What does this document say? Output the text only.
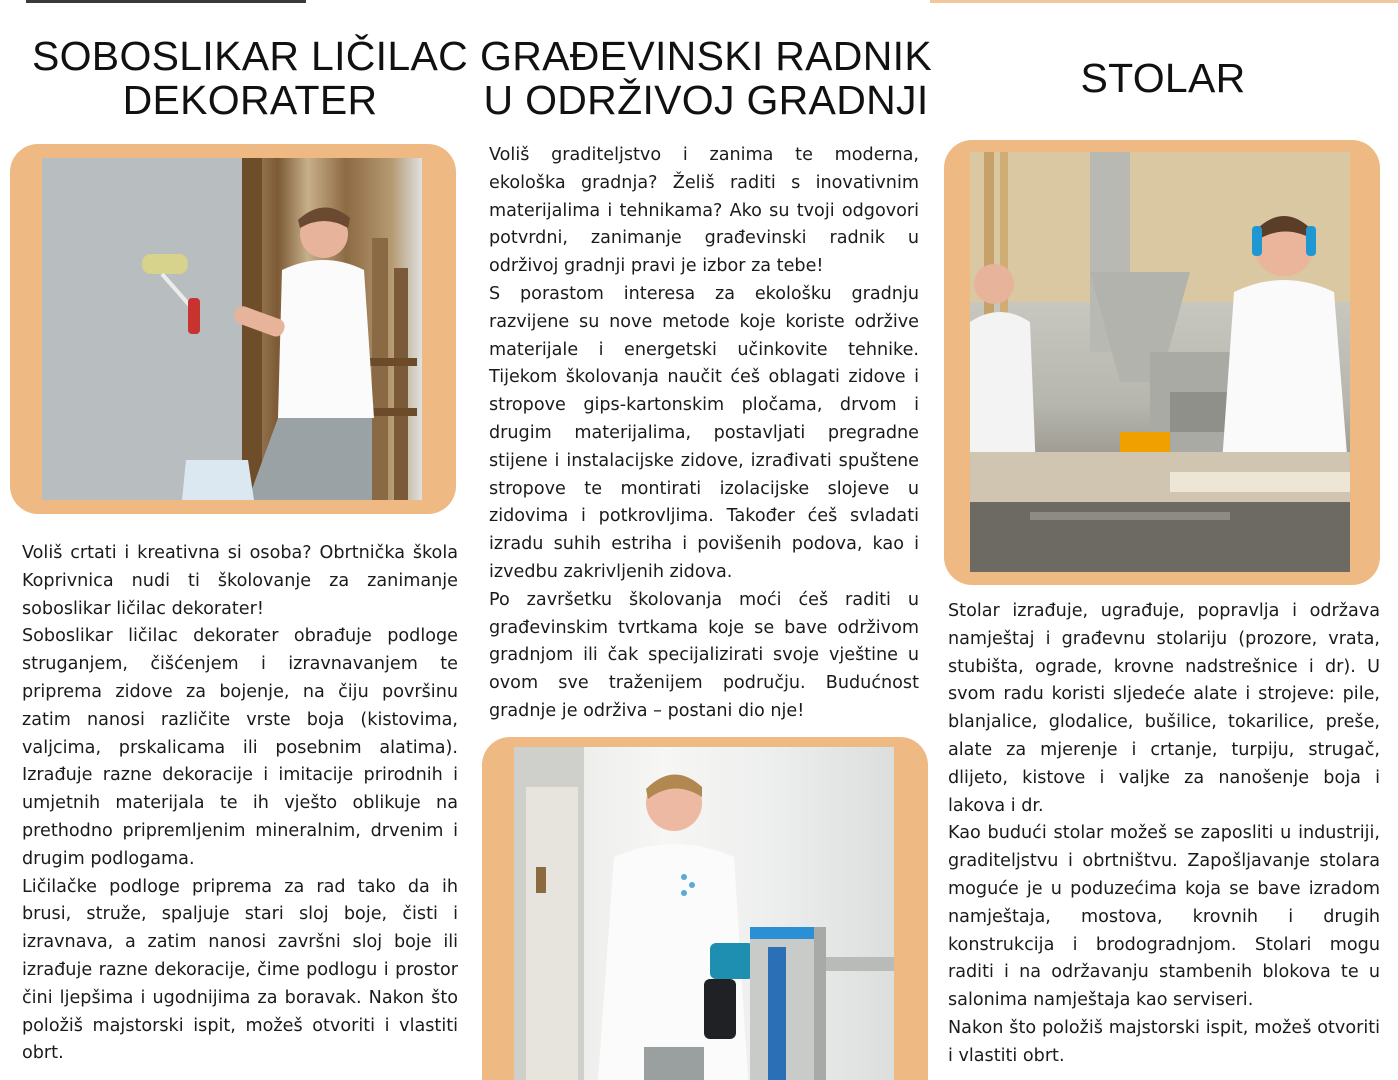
SOBOSLIKAR LIČILAC
DEKORATER

Voliš crtati i kreativna si osoba? Obrtnička škola Koprivnica nudi ti školovanje za zanimanje soboslikar ličilac dekorater!

Soboslikar ličilac dekorater obrađuje podloge struganjem, čišćenjem i izravnavanjem te priprema zidove za bojenje, na čiju površinu zatim nanosi različite vrste boja (kistovima, valjcima, prskalicama ili posebnim alatima). Izrađuje razne dekoracije i imitacije prirodnih i umjetnih materijala te ih vješto oblikuje na prethodno pripremljenim mineralnim, drvenim i drugim podlogama.

Ličilačke podloge priprema za rad tako da ih brusi, struže, spaljuje stari sloj boje, čisti i izravnava, a zatim nanosi završni sloj boje ili izrađuje razne dekoracije, čime podlogu i prostor čini ljepšima i ugodnijima za boravak. Nakon što položiš majstorski ispit, možeš otvoriti i vlastiti obrt.

GRAĐEVINSKI RADNIK
U ODRŽIVOJ GRADNJI

Voliš graditeljstvo i zanima te moderna, ekološka gradnja? Želiš raditi s inovativnim materijalima i tehnikama? Ako su tvoji odgovori potvrdni, zanimanje građevinski radnik u održivoj gradnji pravi je izbor za tebe!

S porastom interesa za ekološku gradnju razvijene su nove metode koje koriste održive materijale i energetski učinkovite tehnike. Tijekom školovanja naučit ćeš oblagati zidove i stropove gips-kartonskim pločama, drvom i drugim materijalima, postavljati pregradne stijene i instalacijske zidove, izrađivati spuštene stropove te montirati izolacijske slojeve u zidovima i potkrovljima. Također ćeš svladati izradu suhih estriha i povišenih podova, kao i izvedbu zakrivljenih zidova.

Po završetku školovanja moći ćeš raditi u građevinskim tvrtkama koje se bave održivom gradnjom ili čak specijalizirati svoje vještine u ovom sve traženijem području. Budućnost gradnje je održiva – postani dio nje!

STOLAR

Stolar izrađuje, ugrađuje, popravlja i održava namještaj i građevnu stolariju (prozore, vrata, stubišta, ograde, krovne nadstrešnice i dr). U svom radu koristi sljedeće alate i strojeve: pile, blanjalice, glodalice, bušilice, tokarilice, preše, alate za mjerenje i crtanje, turpiju, strugač, dlijeto, kistove i valjke za nanošenje boja i lakova i dr.

Kao budući stolar možeš se zaposliti u industriji, graditeljstvu i obrtništvu. Zapošljavanje stolara moguće je u poduzećima koja se bave izradom namještaja, mostova, krovnih i drugih konstrukcija i brodogradnjom. Stolari mogu raditi i na održavanju stambenih blokova te u salonima namještaja kao serviseri.

Nakon što položiš majstorski ispit, možeš otvoriti i vlastiti obrt.
